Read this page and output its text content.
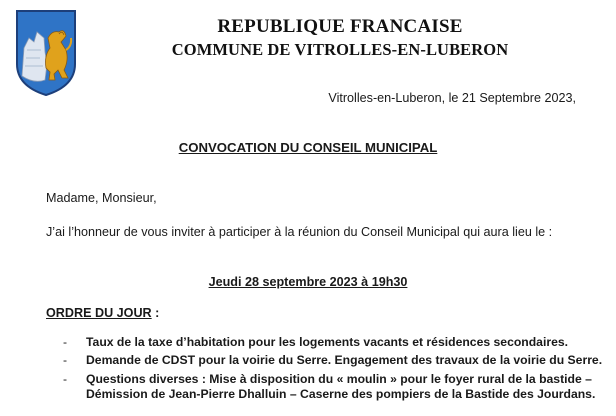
REPUBLIQUE FRANCAISE
COMMUNE DE VITROLLES-EN-LUBERON
Vitrolles-en-Luberon, le 21 Septembre 2023,
CONVOCATION DU CONSEIL MUNICIPAL
Madame, Monsieur,
J’ai l’honneur de vous inviter à participer à la réunion du Conseil Municipal qui aura lieu le :
Jeudi 28 septembre 2023 à 19h30
ORDRE DU JOUR :
- Taux de la taxe d’habitation pour les logements vacants et résidences secondaires.
- Demande de CDST pour la voirie du Serre. Engagement des travaux de la voirie du Serre.
- Questions diverses : Mise à disposition du « moulin » pour le foyer rural de la bastide –
Démission de Jean-Pierre Dhalluin – Caserne des pompiers de la Bastide des Jourdans.
